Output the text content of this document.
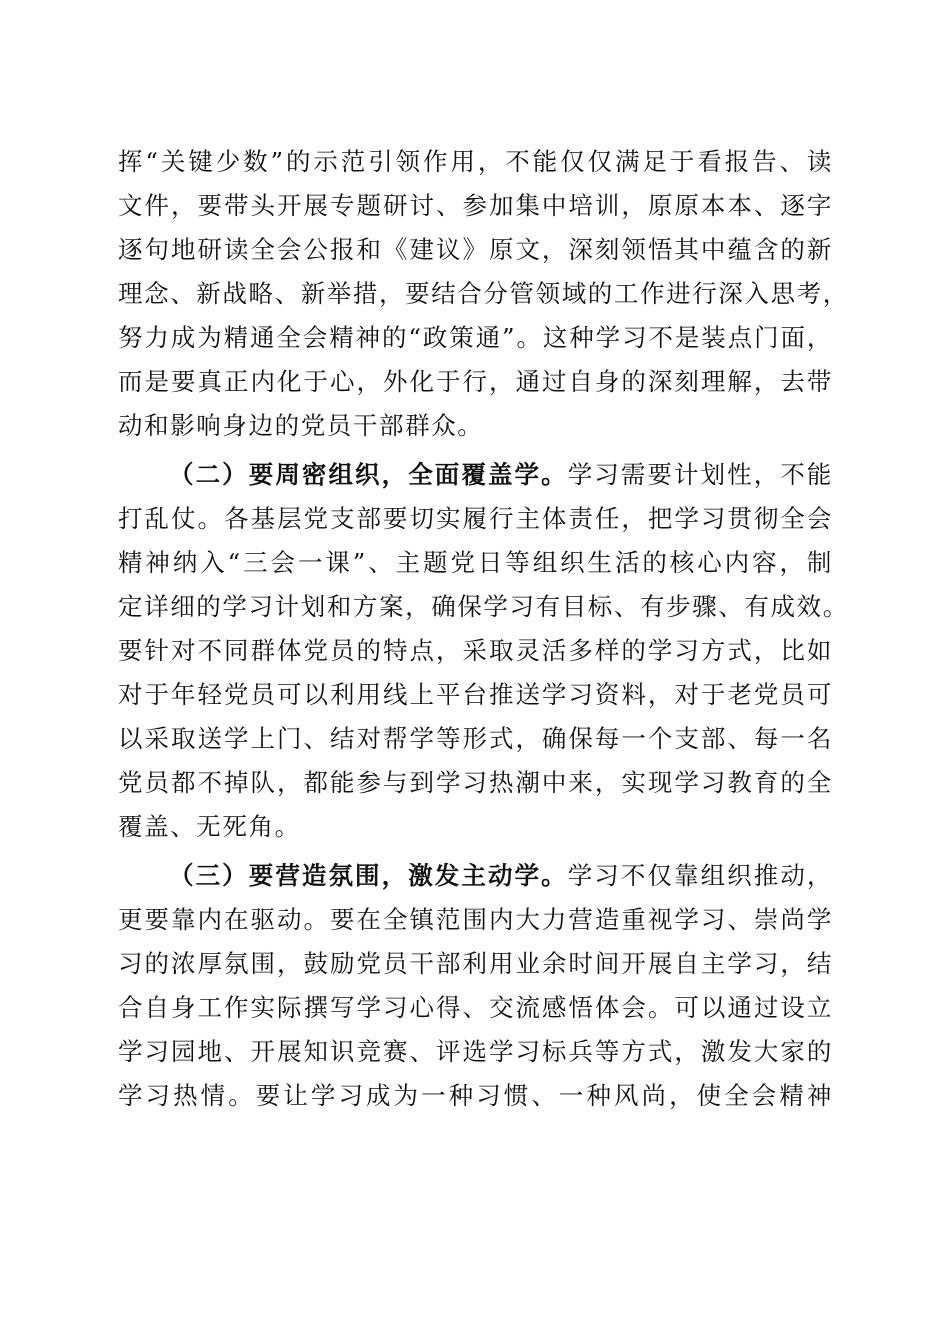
挥“关键少数”的示范引领作用，不能仅仅满足于看报告、读
文件，要带头开展专题研讨、参加集中培训，原原本本、逐字
逐句地研读全会公报和《建议》原文，深刻领悟其中蕴含的新
理念、新战略、新举措，要结合分管领域的工作进行深入思考，
努力成为精通全会精神的“政策通”。这种学习不是装点门面，
而是要真正内化于心，外化于行，通过自身的深刻理解，去带
动和影响身边的党员干部群众。
（二）要周密组织，全面覆盖学。学习需要计划性，不能
打乱仗。各基层党支部要切实履行主体责任，把学习贯彻全会
精神纳入“三会一课”、主题党日等组织生活的核心内容，制
定详细的学习计划和方案，确保学习有目标、有步骤、有成效。
要针对不同群体党员的特点，采取灵活多样的学习方式，比如
对于年轻党员可以利用线上平台推送学习资料，对于老党员可
以采取送学上门、结对帮学等形式，确保每一个支部、每一名
党员都不掉队，都能参与到学习热潮中来，实现学习教育的全
覆盖、无死角。
（三）要营造氛围，激发主动学。学习不仅靠组织推动，
更要靠内在驱动。要在全镇范围内大力营造重视学习、崇尚学
习的浓厚氛围，鼓励党员干部利用业余时间开展自主学习，结
合自身工作实际撰写学习心得、交流感悟体会。可以通过设立
学习园地、开展知识竞赛、评选学习标兵等方式，激发大家的
学习热情。要让学习成为一种习惯、一种风尚，使全会精神
